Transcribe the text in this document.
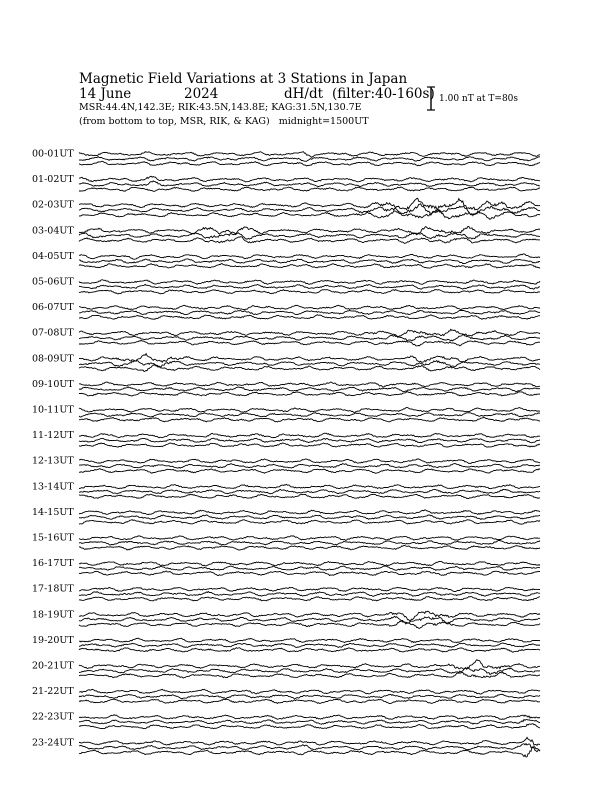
Magnetic Field Variations at 3 Stations in Japan
14 June	2024	dH/dt (filter:40-160s)
MSR:44.4N,142.3E; RIK:43.5N,143.8E; KAG:31.5N,130.7E
(from bottom to top, MSR, RIK, & KAG) midnight=1500UT
00-01UT
01-02UT
02-03UT
03-04UT
04-05UT
05-06UT
06-07UT
07-08UT
08-09UT
09-10UT
10-11UT
11-12UT
12-13UT
13-14UT
14-15UT
15-16UT
16-17UT
17-18UT
18-19UT
19-20UT
20-21UT
21-22UT
22-23UT
23-24UT
1.00 nT at T=80s
